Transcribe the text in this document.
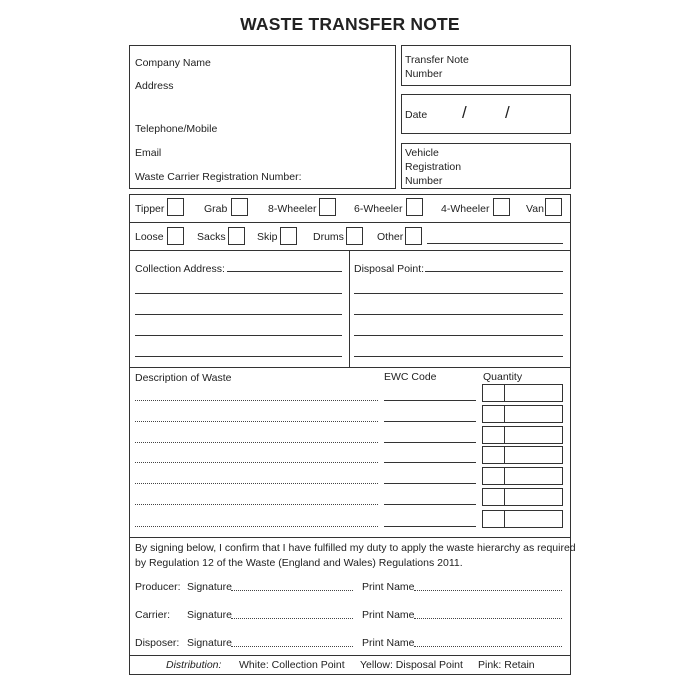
WASTE TRANSFER NOTE
Company Name
Address
Telephone/Mobile
Email
Waste Carrier Registration Number:
Transfer Note
Number
Date / /
Vehicle
Registration
Number
Tipper	Grab	8-Wheeler	6-Wheeler	4-Wheeler	Van
Loose	Sacks	Skip	Drums	Other
Collection Address:	Disposal Point:
Description of Waste	EWC Code	Quantity
By signing below, I confirm that I have fulfilled my duty to apply the waste hierarchy as required
by Regulation 12 of the Waste (England and Wales) Regulations 2011.
Producer: Signature	Print Name
Carrier: Signature	Print Name
Disposer: Signature	Print Name
Distribution: White: Collection Point Yellow: Disposal Point Pink: Retain
